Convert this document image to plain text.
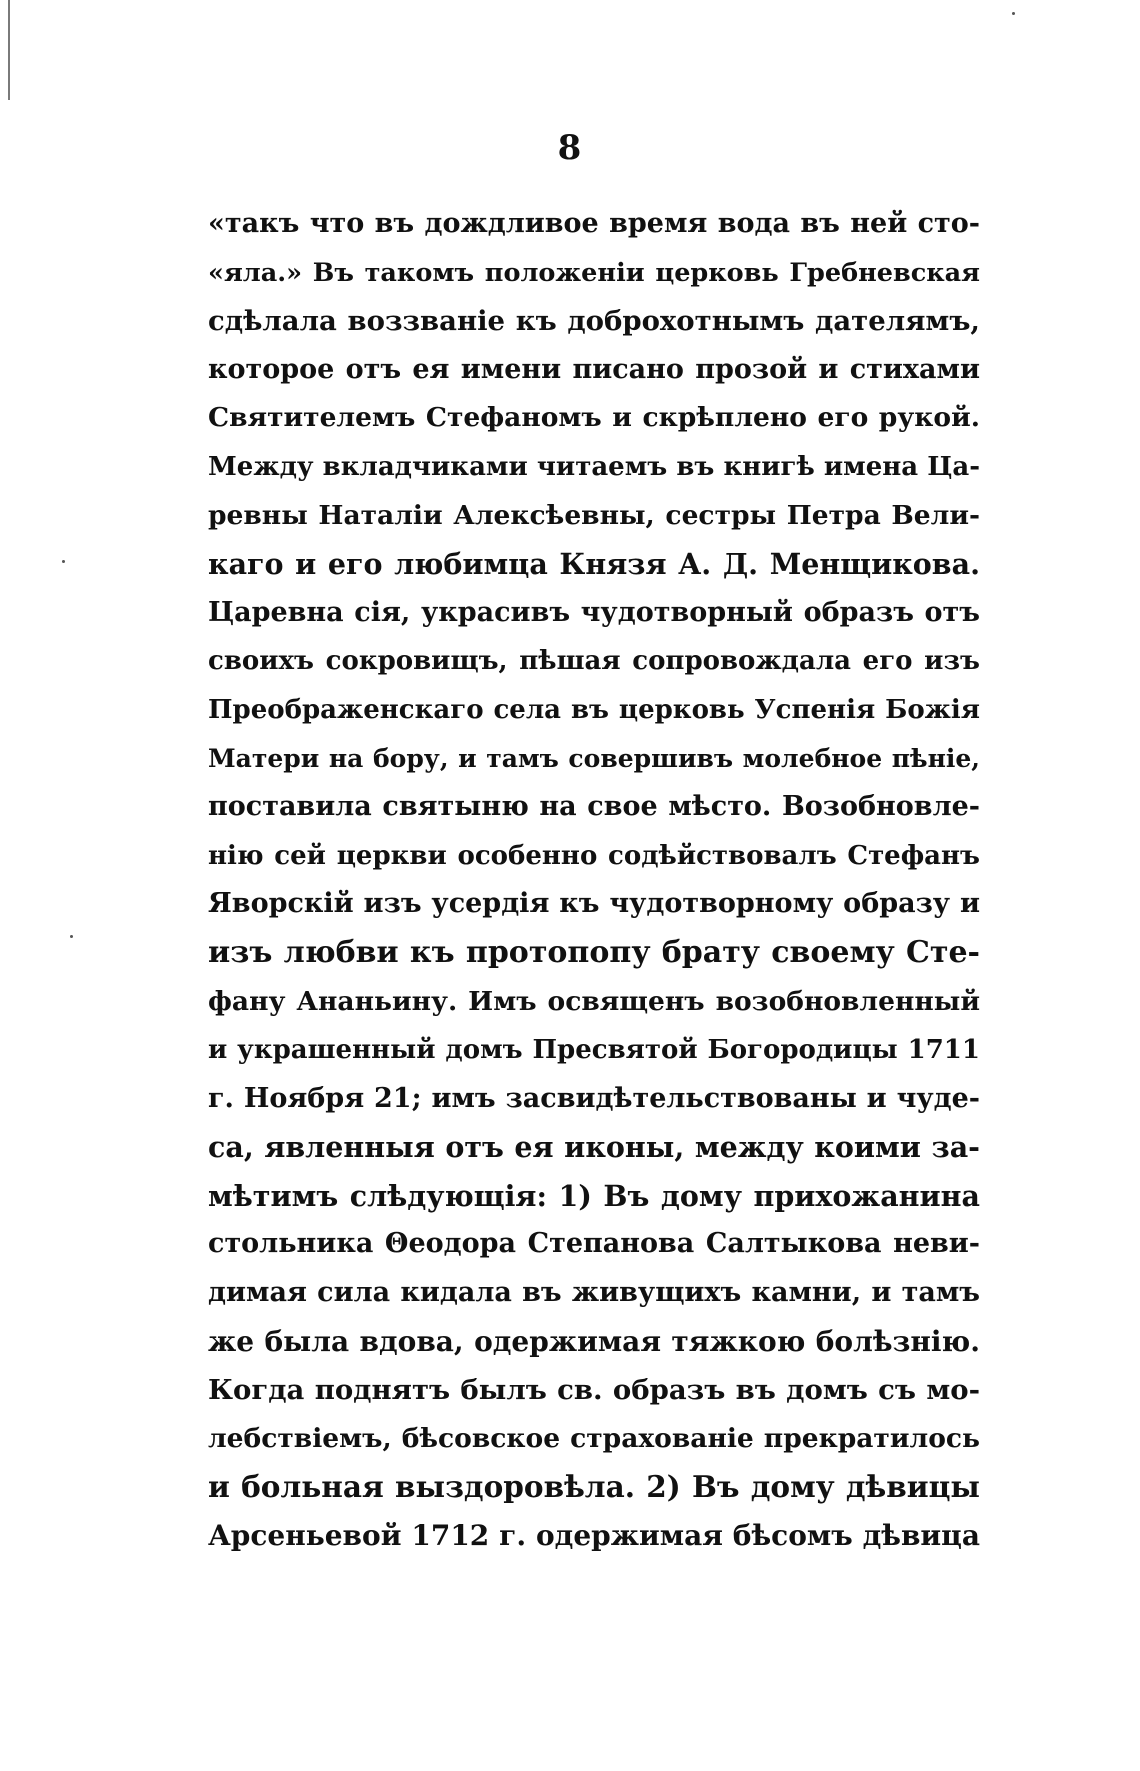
8
«такъ что въ дождливое время вода въ ней сто-
«яла.» Въ такомъ положеніи церковь Гребневская
сдѣлала воззваніе къ доброхотнымъ дателямъ,
которое отъ ея имени писано прозой и стихами
Святителемъ Стефаномъ и скрѣплено его рукой.
Между вкладчиками читаемъ въ книгѣ имена Ца-
ревны Наталіи Алексѣевны, сестры Петра Вели-
каго и его любимца Князя А. Д. Менщикова.
Царевна сія, украсивъ чудотворный образъ отъ
своихъ сокровищъ, пѣшая сопровождала его изъ
Преображенскаго села въ церковь Успенія Божія
Матери на бору, и тамъ совершивъ молебное пѣніе,
поставила святыню на свое мѣсто. Возобновле-
нію сей церкви особенно содѣйствовалъ Стефанъ
Яворскій изъ усердія къ чудотворному образу и
изъ любви къ протопопу брату своему Сте-
фану Ананьину. Имъ освященъ возобновленный
и украшенный домъ Пресвятой Богородицы 1711
г. Ноября 21; имъ засвидѣтельствованы и чуде-
са, явленныя отъ ея иконы, между коими за-
мѣтимъ слѣдующія: 1) Въ дому прихожанина
стольника Θеодора Степанова Салтыкова неви-
димая сила кидала въ живущихъ камни, и тамъ
же была вдова, одержимая тяжкою болѣзнію.
Когда поднятъ былъ св. образъ въ домъ съ мо-
лебствіемъ, бѣсовское страхованіе прекратилось
и больная выздоровѣла. 2) Въ дому дѣвицы
Арсеньевой 1712 г. одержимая бѣсомъ дѣвица
